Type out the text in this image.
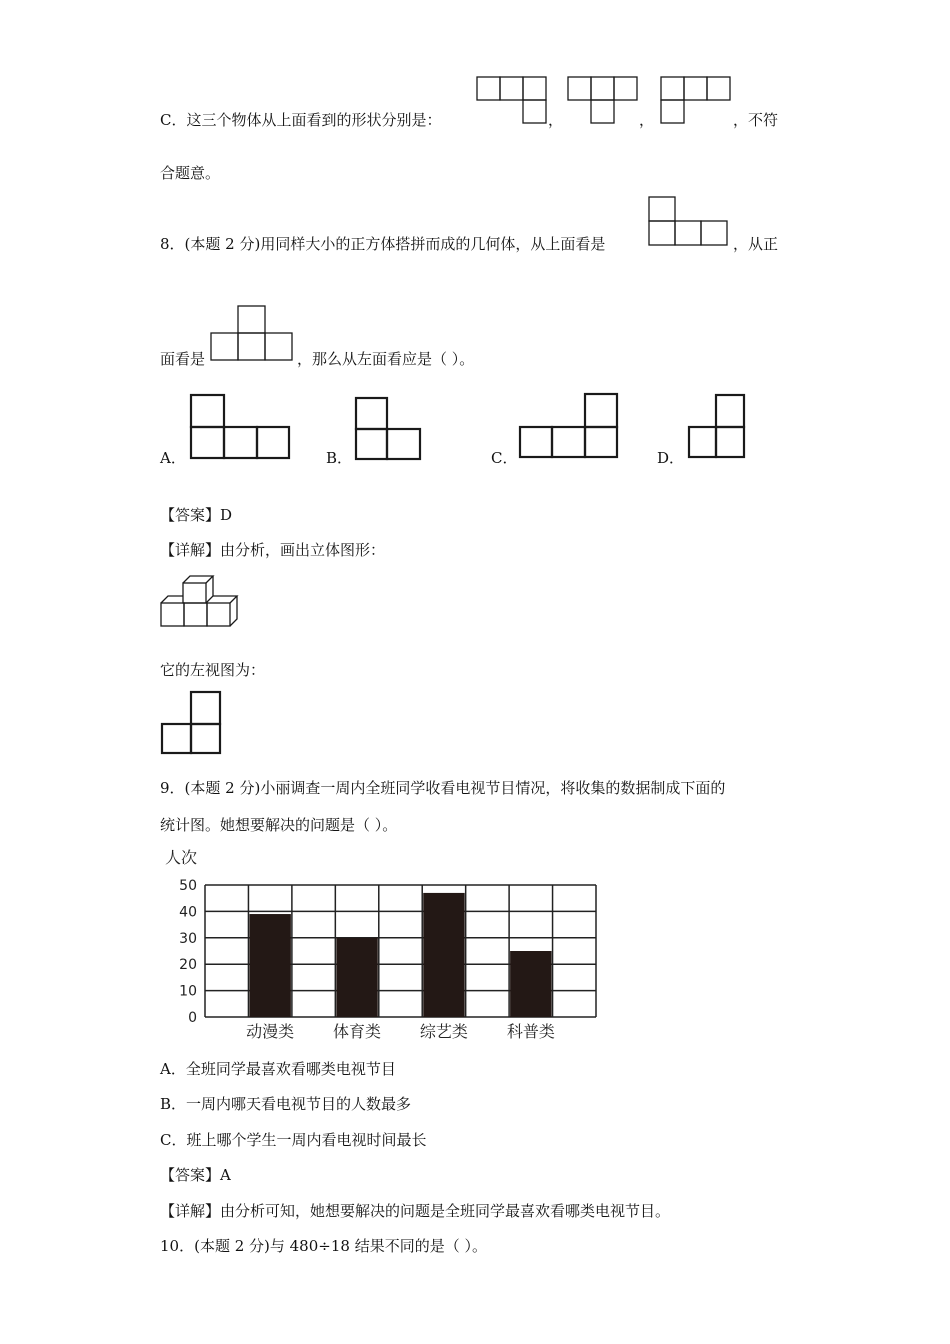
C．这三个物体从上面看到的形状分别是：	，	，	，不符
合题意。
8．(本题 2 分)用同样大小的正方体搭拼而成的几何体，从上面看是	，从正
面看是	，那么从左面看应是（ ）。
A．	B．	C．	D．
【答案】D
【详解】由分析，画出立体图形：
它的左视图为：
9．(本题 2 分)小丽调查一周内全班同学收看电视节目情况，将收集的数据制成下面的
统计图。她想要解决的问题是（ ）。
人次
0
10
20
30
40
50
动漫类 体育类 综艺类 科普类
A．全班同学最喜欢看哪类电视节目
B．一周内哪天看电视节目的人数最多
C．班上哪个学生一周内看电视时间最长
【答案】A
【详解】由分析可知，她想要解决的问题是全班同学最喜欢看哪类电视节目。
10．(本题 2 分)与 480÷18 结果不同的是（ ）。
